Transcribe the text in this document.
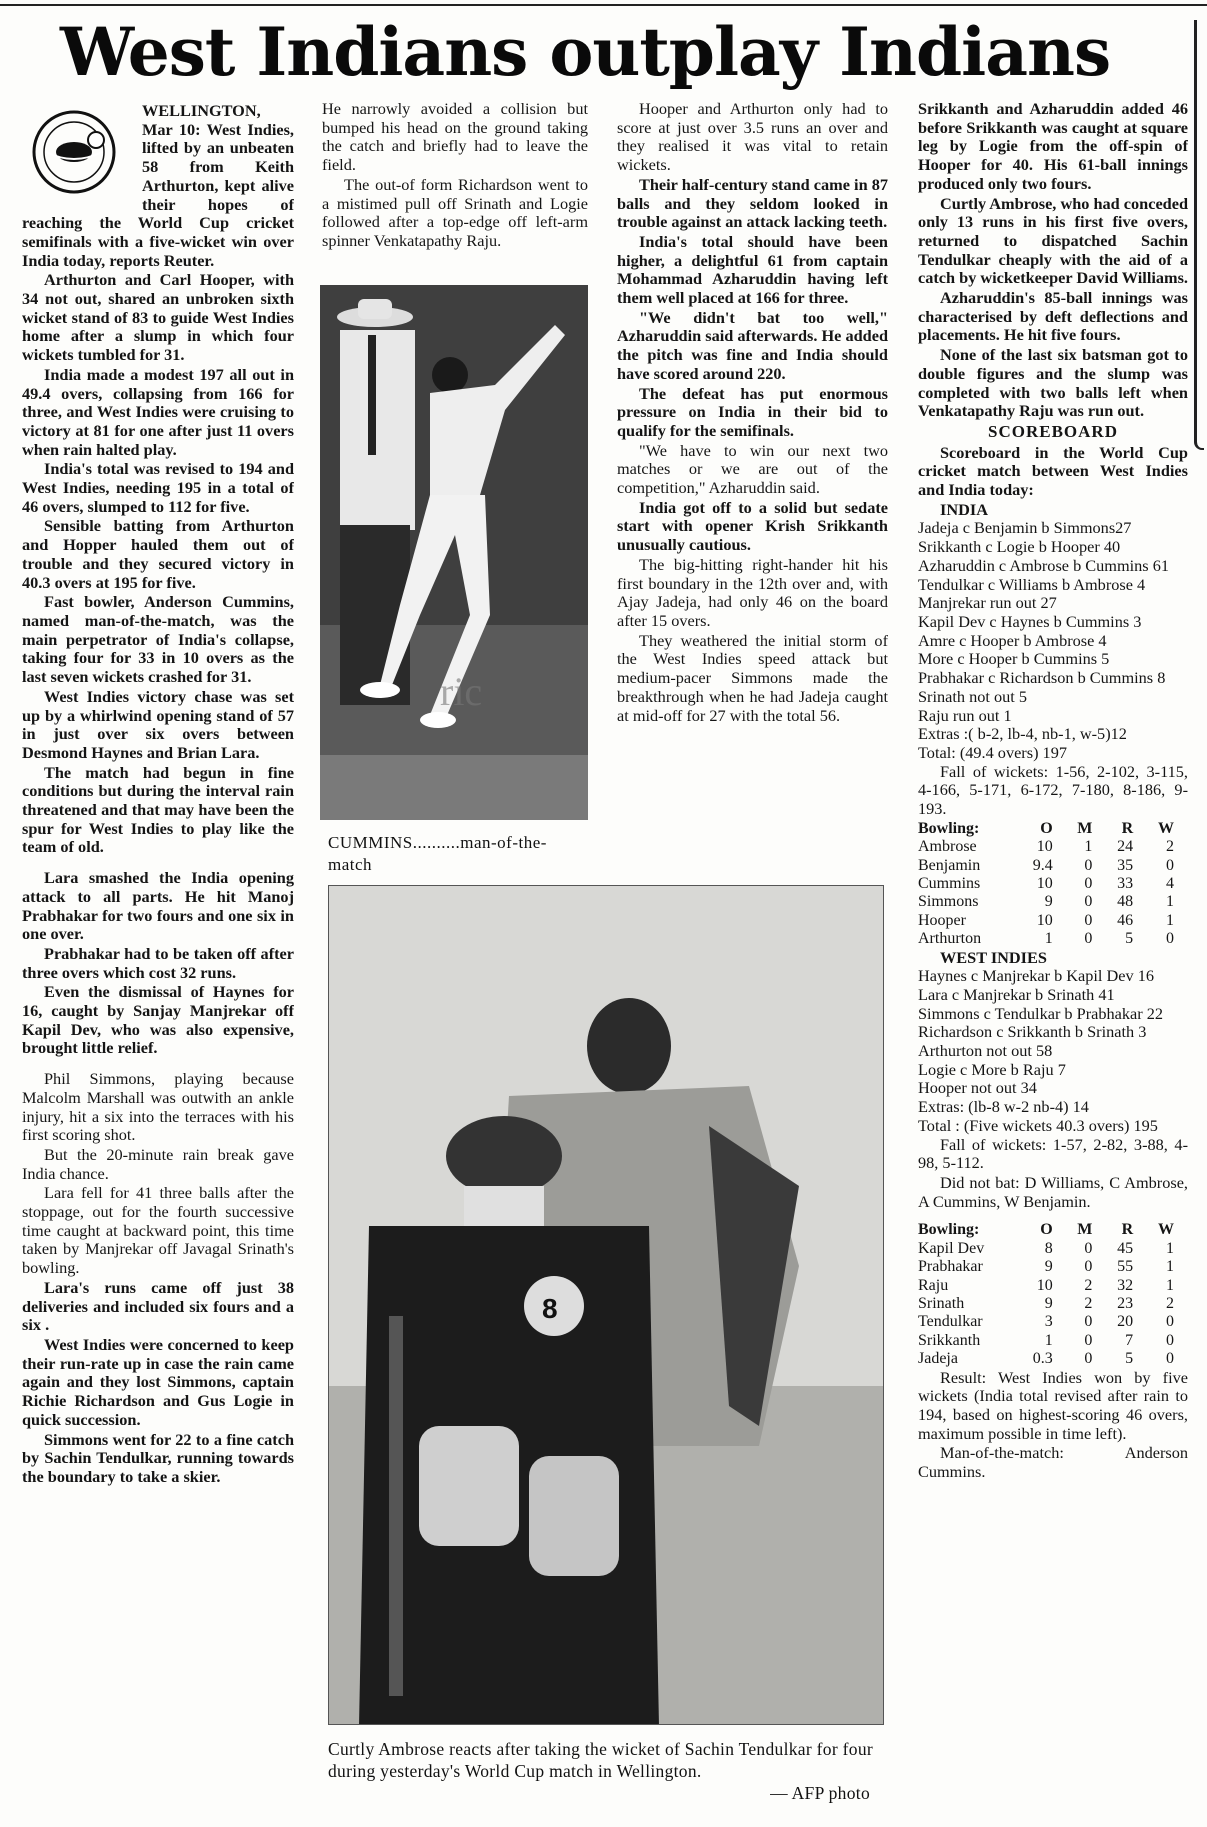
West Indians outplay Indians

WELLINGTON, Mar 10: West Indies, lifted by an unbeaten 58 from Keith Arthurton, kept alive their hopes of reaching the World Cup cricket semifinals with a five-wicket win over India today, reports Reuter.

Arthurton and Carl Hooper, with 34 not out, shared an unbroken sixth wicket stand of 83 to guide West Indies home after a slump in which four wickets tumbled for 31.

India made a modest 197 all out in 49.4 overs, collapsing from 166 for three, and West Indies were cruising to victory at 81 for one after just 11 overs when rain halted play.

India's total was revised to 194 and West Indies, needing 195 in a total of 46 overs, slumped to 112 for five.

Sensible batting from Arthurton and Hopper hauled them out of trouble and they secured victory in 40.3 overs at 195 for five.

Fast bowler, Anderson Cummins, named man-of-the-match, was the main perpetrator of India's collapse, taking four for 33 in 10 overs as the last seven wickets crashed for 31.

West Indies victory chase was set up by a whirlwind opening stand of 57 in just over six overs between Desmond Haynes and Brian Lara.

The match had begun in fine conditions but during the interval rain threatened and that may have been the spur for West Indies to play like the team of old.

Lara smashed the India opening attack to all parts. He hit Manoj Prabhakar for two fours and one six in one over.

Prabhakar had to be taken off after three overs which cost 32 runs.

Even the dismissal of Haynes for 16, caught by Sanjay Manjrekar off Kapil Dev, who was also expensive, brought little relief.

Phil Simmons, playing because Malcolm Marshall was outwith an ankle injury, hit a six into the terraces with his first scoring shot.

But the 20-minute rain break gave India chance.

Lara fell for 41 three balls after the stoppage, out for the fourth successive time caught at backward point, this time taken by Manjrekar off Javagal Srinath's bowling.

Lara's runs came off just 38 deliveries and included six fours and a six .

West Indies were concerned to keep their run-rate up in case the rain came again and they lost Simmons, captain Richie Richardson and Gus Logie in quick succession.

Simmons went for 22 to a fine catch by Sachin Tendulkar, running towards the boundary to take a skier.

He narrowly avoided a collision but bumped his head on the ground taking the catch and briefly had to leave the field.

The out-of form Richardson went to a mistimed pull off Srinath and Logie followed after a top-edge off left-arm spinner Venkatapathy Raju.

ric
CUMMINS..........man-of-the-match

Hooper and Arthurton only had to score at just over 3.5 runs an over and they realised it was vital to retain wickets.

Their half-century stand came in 87 balls and they seldom looked in trouble against an attack lacking teeth.

India's total should have been higher, a delightful 61 from captain Mohammad Azharuddin having left them well placed at 166 for three.

"We didn't bat too well," Azharuddin said afterwards. He added the pitch was fine and India should have scored around 220.

The defeat has put enormous pressure on India in their bid to qualify for the semifinals.

"We have to win our next two matches or we are out of the competition," Azharuddin said.

India got off to a solid but sedate start with opener Krish Srikkanth unusually cautious.

The big-hitting right-hander hit his first boundary in the 12th over and, with Ajay Jadeja, had only 46 on the board after 15 overs.

They weathered the initial storm of the West Indies speed attack but medium-pacer Simmons made the breakthrough when he had Jadeja caught at mid-off for 27 with the total 56.

8
Curtly Ambrose reacts after taking the wicket of Sachin Tendulkar for four during yesterday's World Cup match in Wellington.
— AFP photo

Srikkanth and Azharuddin added 46 before Srikkanth was caught at square leg by Logie from the off-spin of Hooper for 40. His 61-ball innings produced only two fours.

Curtly Ambrose, who had conceded only 13 runs in his first five overs, returned to dispatched Sachin Tendulkar cheaply with the aid of a catch by wicketkeeper David Williams.

Azharuddin's 85-ball innings was characterised by deft deflections and placements. He hit five fours.

None of the last six batsman got to double figures and the slump was completed with two balls left when Venkatapathy Raju was run out.

SCOREBOARD

Scoreboard in the World Cup cricket match between West Indies and India today:

INDIA
Jadeja c Benjamin b Simmons27
Srikkanth c Logie b Hooper 40
Azharuddin c Ambrose b Cummins 61
Tendulkar c Williams b Ambrose 4
Manjrekar run out 27
Kapil Dev c Haynes b Cummins 3
Amre c Hooper b Ambrose 4
More c Hooper b Cummins 5
Prabhakar c Richardson b Cummins 8
Srinath not out 5
Raju run out 1
Extras :( b-2, lb-4, nb-1, w-5)12
Total: (49.4 overs) 197

Fall of wickets: 1-56, 2-102, 3-115, 4-166, 5-171, 6-172, 7-180, 8-186, 9-193.

Bowling:	O	M	R	W
Ambrose	10	1	24	2
Benjamin	9.4	0	35	0
Cummins	10	0	33	4
Simmons	9	0	48	1
Hooper	10	0	46	1
Arthurton	1	0	5	0
WEST INDIES
Haynes c Manjrekar b Kapil Dev 16
Lara c Manjrekar b Srinath 41
Simmons c Tendulkar b Prabhakar 22
Richardson c Srikkanth b Srinath 3
Arthurton not out 58
Logie c More b Raju 7
Hooper not out 34
Extras: (lb-8 w-2 nb-4) 14
Total : (Five wickets 40.3 overs) 195

Fall of wickets: 1-57, 2-82, 3-88, 4-98, 5-112.

Did not bat: D Williams, C Ambrose, A Cummins, W Benjamin.

Bowling:	O	M	R	W
Kapil Dev	8	0	45	1
Prabhakar	9	0	55	1
Raju	10	2	32	1
Srinath	9	2	23	2
Tendulkar	3	0	20	0
Srikkanth	1	0	7	0
Jadeja	0.3	0	5	0

Result: West Indies won by five wickets (India total revised after rain to 194, based on highest-scoring 46 overs, maximum possible in time left).

Man-of-the-match: Anderson Cummins.
